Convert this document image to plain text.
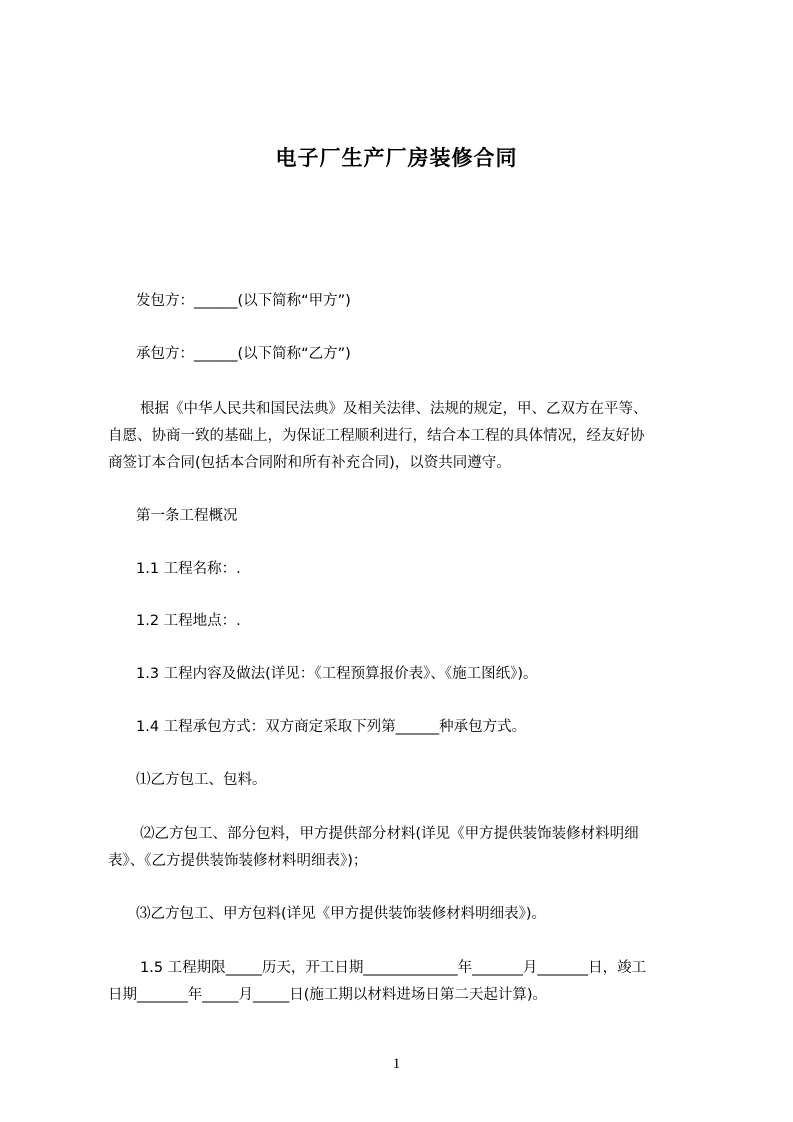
电子厂生产厂房装修合同
发包方：______(以下简称“甲方”)
承包方：______(以下简称“乙方”)
根据《中华人民共和国民法典》及相关法律、法规的规定，甲、乙双方在平等、
自愿、协商一致的基础上，为保证工程顺利进行，结合本工程的具体情况，经友好协
商签订本合同(包括本合同附和所有补充合同)，以资共同遵守。
第一条工程概况
1.1 工程名称：.
1.2 工程地点：.
1.3 工程内容及做法(详见：《工程预算报价表》、《施工图纸》)。
1.4 工程承包方式：双方商定采取下列第______种承包方式。
⑴乙方包工、包料。
⑵乙方包工、部分包料，甲方提供部分材料(详见《甲方提供装饰装修材料明细
表》、《乙方提供装饰装修材料明细表》)；
⑶乙方包工、甲方包料(详见《甲方提供装饰装修材料明细表》)。
1.5 工程期限_____历天，开工日期_____________年_______月_______日，竣工
日期_______年_____月_____日(施工期以材料进场日第二天起计算)。
1
